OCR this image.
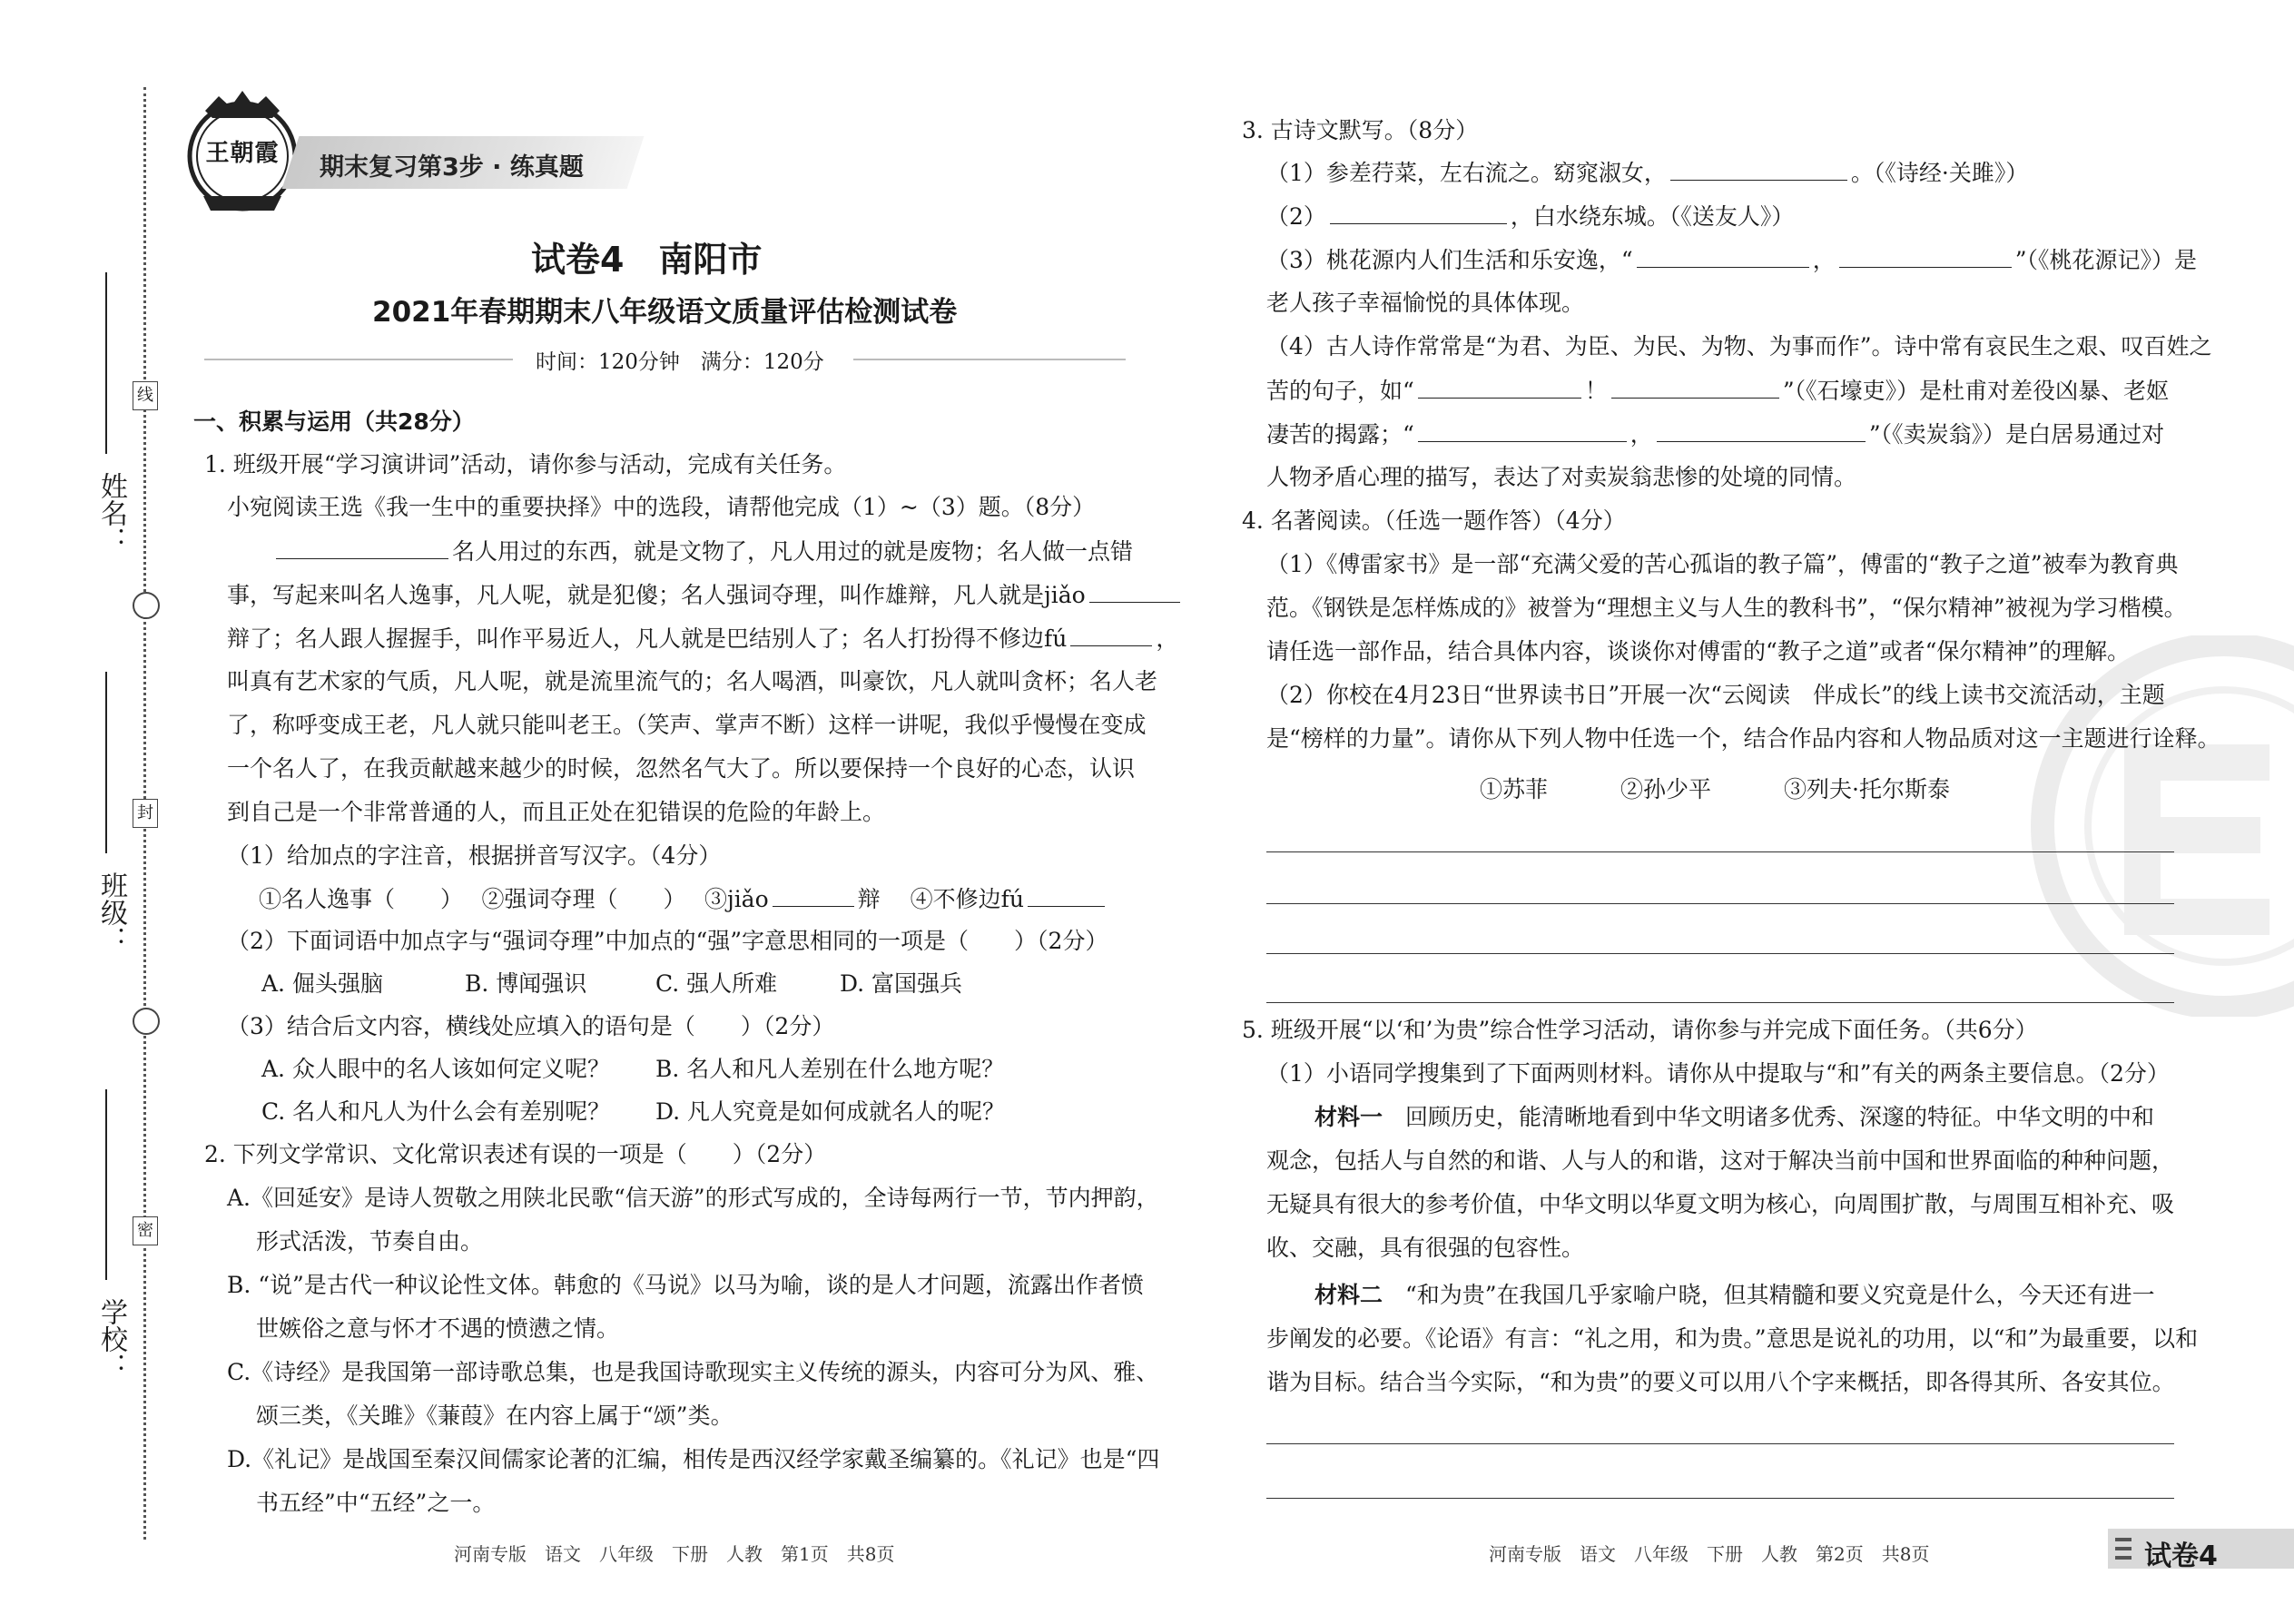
姓名：
班级：
学校：
线
封
密
王朝霞 期末复习第3步 · 练真题
试卷4　南阳市
2021年春期期末八年级语文质量评估检测试卷
时间：120分钟　满分：120分
一、积累与运用（共28分）
1. 班级开展“学习演讲词”活动，请你参与活动，完成有关任务。
小宛阅读王选《我一生中的重要抉择》中的选段，请帮他完成（1）~（3）题。（8分）
名人用过的东西，就是文物了，凡人用过的就是废物；名人做一点错
事，写起来叫名人逸事，凡人呢，就是犯傻；名人强词夺理，叫作雄辩，凡人就是jiǎo
辩了；名人跟人握握手，叫作平易近人，凡人就是巴结别人了；名人打扮得不修边fú	，
叫真有艺术家的气质，凡人呢，就是流里流气的；名人喝酒，叫豪饮，凡人就叫贪杯；名人老
了，称呼变成王老，凡人就只能叫老王。（笑声、掌声不断）这样一讲呢，我似乎慢慢在变成
一个名人了，在我贡献越来越少的时候，忽然名气大了。所以要保持一个良好的心态，认识
到自己是一个非常普通的人，而且正处在犯错误的危险的年龄上。
（1）给加点的字注音，根据拼音写汉字。（4分）
①名人逸事（　　）　 ②强词夺理（　　）　 ③jiǎo	辩　 ④不修边fú
（2）下面词语中加点字与“强词夺理”中加点的“强”字意思相同的一项是（　　）（2分）
A. 倔头强脑	B. 博闻强识	C. 强人所难	D. 富国强兵
（3）结合后文内容，横线处应填入的语句是（　　）（2分）
A. 众人眼中的名人该如何定义呢？ B. 名人和凡人差别在什么地方呢？
C. 名人和凡人为什么会有差别呢？ D. 凡人究竟是如何成就名人的呢？
2. 下列文学常识、文化常识表述有误的一项是（　　）（2分）
A.《回延安》是诗人贺敬之用陕北民歌“信天游”的形式写成的，全诗每两行一节，节内押韵，
形式活泼，节奏自由。
B. “说”是古代一种议论性文体。韩愈的《马说》以马为喻，谈的是人才问题，流露出作者愤
世嫉俗之意与怀才不遇的愤懑之情。
C.《诗经》是我国第一部诗歌总集，也是我国诗歌现实主义传统的源头，内容可分为风、雅、
颂三类，《关雎》《蒹葭》在内容上属于“颂”类。
D.《礼记》是战国至秦汉间儒家论著的汇编，相传是西汉经学家戴圣编纂的。《礼记》也是“四
书五经”中“五经”之一。
河南专版　语文　八年级　下册　人教　第1页　共8页
3. 古诗文默写。（8分）
（1）参差荇菜，左右流之。窈窕淑女，	。（《诗经·关雎》）
（2）	，白水绕东城。（《送友人》）
（3）桃花源内人们生活和乐安逸，“	，	”（《桃花源记》）是
老人孩子幸福愉悦的具体体现。
（4）古人诗作常常是“为君、为臣、为民、为物、为事而作”。诗中常有哀民生之艰、叹百姓之
苦的句子，如“	！	”（《石壕吏》）是杜甫对差役凶暴、老妪
凄苦的揭露；“	，	”（《卖炭翁》）是白居易通过对
人物矛盾心理的描写，表达了对卖炭翁悲惨的处境的同情。
4. 名著阅读。（任选一题作答）（4分）
（1）《傅雷家书》是一部“充满父爱的苦心孤诣的教子篇”，傅雷的“教子之道”被奉为教育典
范。《钢铁是怎样炼成的》被誉为“理想主义与人生的教科书”，“保尔精神”被视为学习楷模。
请任选一部作品，结合具体内容，谈谈你对傅雷的“教子之道”或者“保尔精神”的理解。
（2）你校在4月23日“世界读书日”开展一次“云阅读　伴成长”的线上读书交流活动，主题
是“榜样的力量”。请你从下列人物中任选一个，结合作品内容和人物品质对这一主题进行诠释。
①苏菲	②孙少平	③列夫·托尔斯泰
5. 班级开展“以‘和’为贵”综合性学习活动，请你参与并完成下面任务。（共6分）
（1）小语同学搜集到了下面两则材料。请你从中提取与“和”有关的两条主要信息。（2分）
材料一　 回顾历史，能清晰地看到中华文明诸多优秀、深邃的特征。中华文明的中和
观念，包括人与自然的和谐、人与人的和谐，这对于解决当前中国和世界面临的种种问题，
无疑具有很大的参考价值，中华文明以华夏文明为核心，向周围扩散，与周围互相补充、吸
收、交融，具有很强的包容性。
材料二　 “和为贵”在我国几乎家喻户晓，但其精髓和要义究竟是什么，今天还有进一
步阐发的必要。《论语》有言：“礼之用，和为贵。”意思是说礼的功用，以“和”为最重要，以和
谐为目标。结合当今实际，“和为贵”的要义可以用八个字来概括，即各得其所、各安其位。
河南专版　语文　八年级　下册　人教　第2页　共8页	试卷4
